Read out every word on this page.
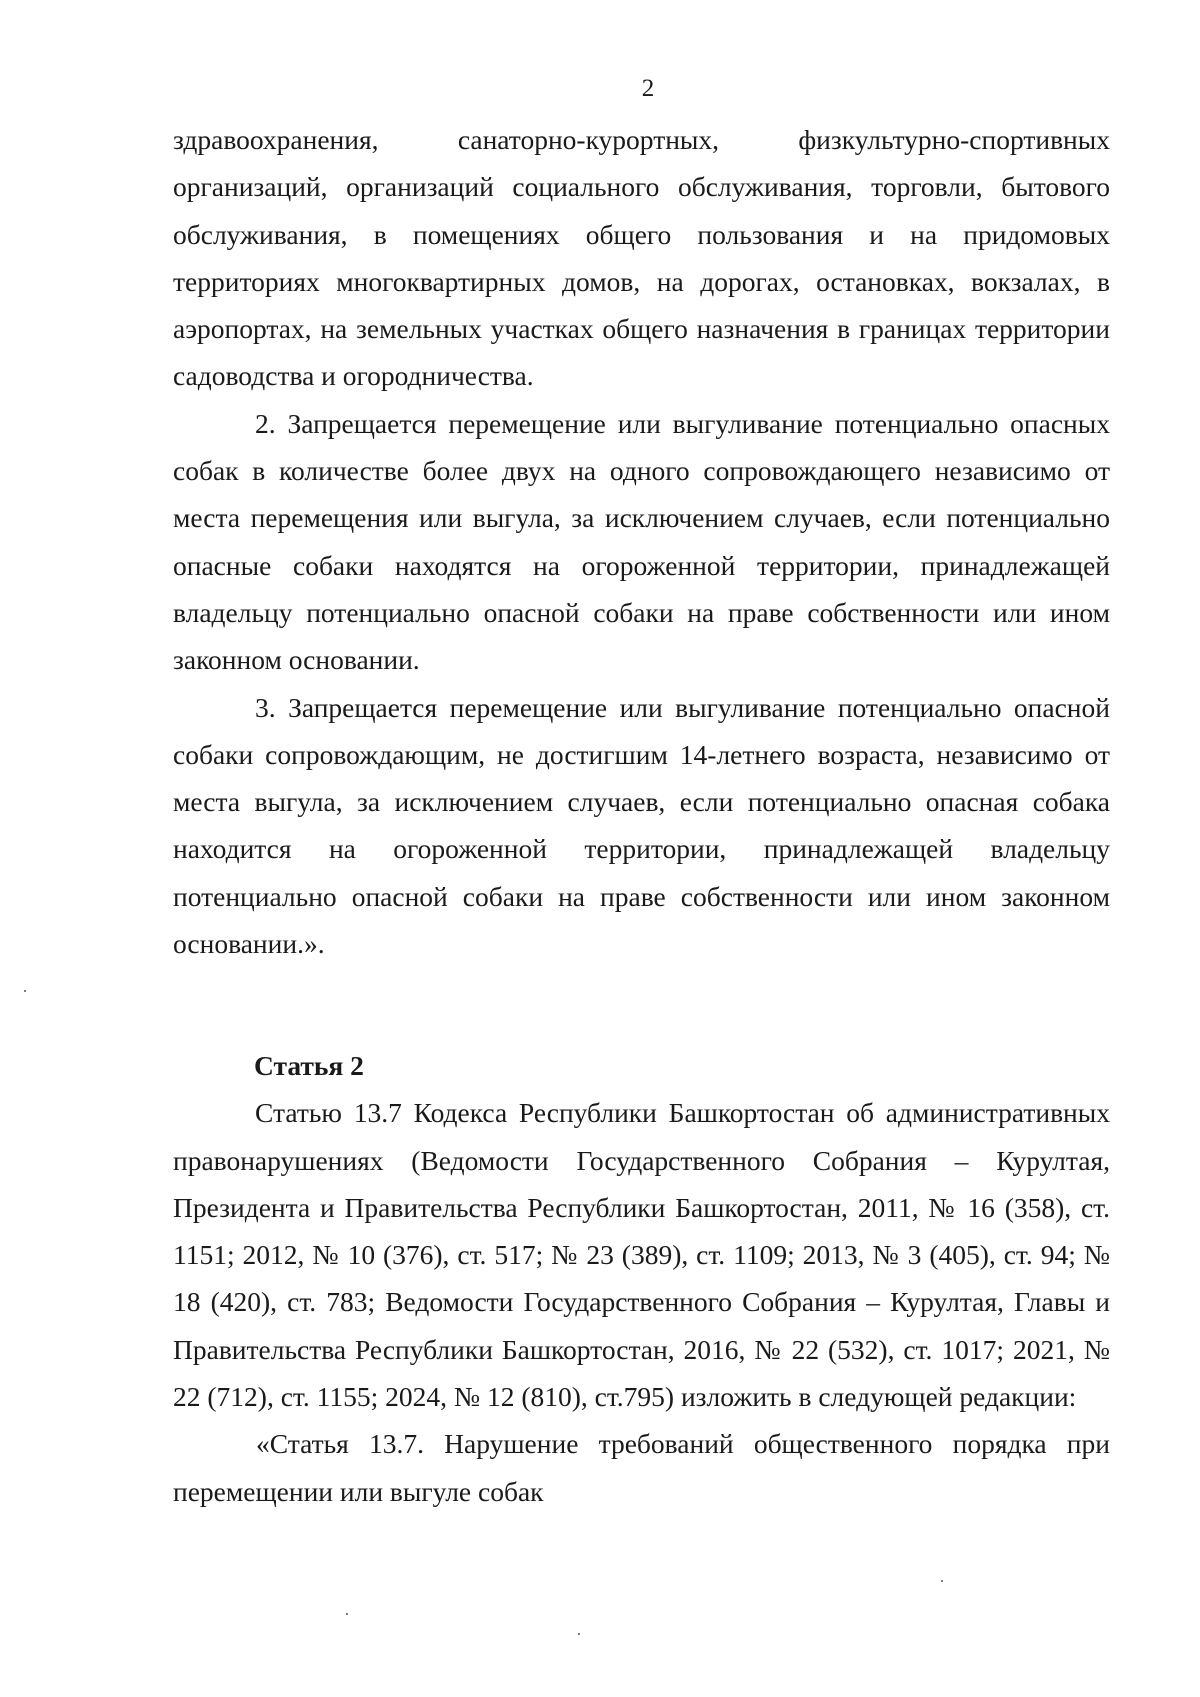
2

здравоохранения, санаторно-курортных, физкультурно-спортивных организаций, организаций социального обслуживания, торговли, бытового обслуживания, в помещениях общего пользования и на придомовых территориях многоквартирных домов, на дорогах, остановках, вокзалах, в аэропортах, на земельных участках общего назначения в границах территории садоводства и огородничества.

2. Запрещается перемещение или выгуливание потенциально опасных собак в количестве более двух на одного сопровождающего независимо от места перемещения или выгула, за исключением случаев, если потенциально опасные собаки находятся на огороженной территории, принадлежащей владельцу потенциально опасной собаки на праве собственности или ином законном основании.

3. Запрещается перемещение или выгуливание потенциально опасной собаки сопровождающим, не достигшим 14-летнего возраста, независимо от места выгула, за исключением случаев, если потенциально опасная собака находится на огороженной территории, принадлежащей владельцу потенциально опасной собаки на праве собственности или ином законном основании.».

Статья 2

Статью 13.7 Кодекса Республики Башкортостан об административных правонарушениях (Ведомости Государственного Собрания – Курултая, Президента и Правительства Республики Башкортостан, 2011, № 16 (358), ст. 1151; 2012, № 10 (376), ст. 517; № 23 (389), ст. 1109; 2013, № 3 (405), ст. 94; № 18 (420), ст. 783; Ведомости Государственного Собрания – Курултая, Главы и Правительства Республики Башкортостан, 2016, № 22 (532), ст. 1017; 2021, № 22 (712), ст. 1155; 2024, № 12 (810), ст.795) изложить в следующей редакции:

«Статья 13.7. Нарушение требований общественного порядка при перемещении или выгуле собак
